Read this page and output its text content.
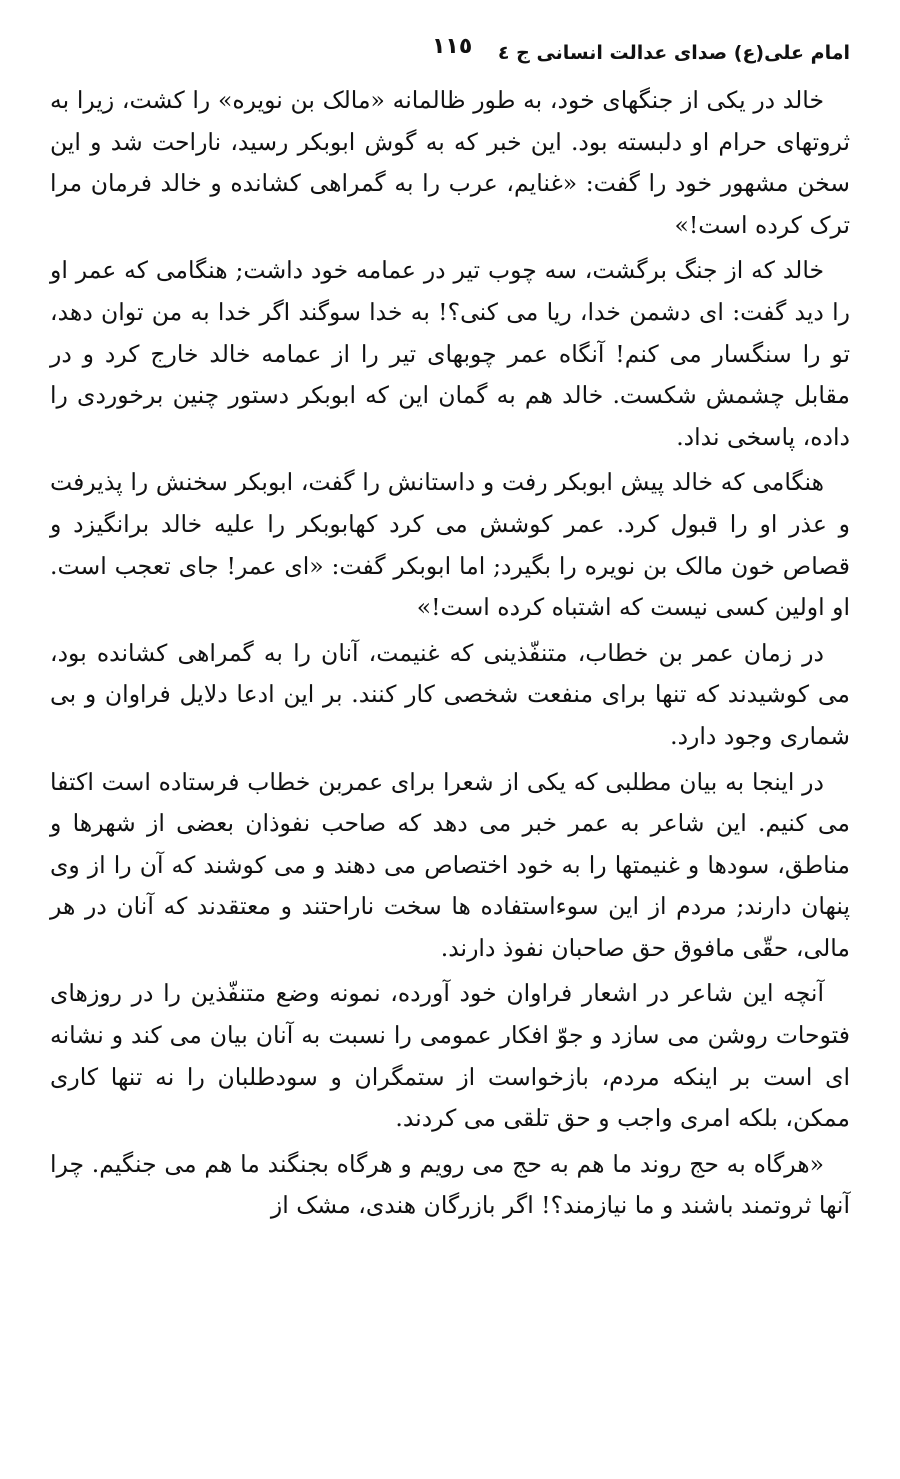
امام علی(ع) صدای عدالت انسانی ج ٤
١١٥

خالد در یکی از جنگهای خود، به طور ظالمانه «مالک بن نویره» را کشت، زیرا به ثروتهای حرام او دلبسته بود. این خبر که به گوش ابوبکر رسید، ناراحت شد و این سخن مشهور خود را گفت: «غنایم، عرب را به گمراهی کشانده و خالد فرمان مرا ترک کرده است!»

خالد که از جنگ برگشت، سه چوب تیر در عمامه خود داشت; هنگامی که عمر او را دید گفت: ای دشمن خدا، ریا می کنی؟! به خدا سوگند اگر خدا به من توان دهد، تو را سنگسار می کنم! آنگاه عمر چوبهای تیر را از عمامه خالد خارج کرد و در مقابل چشمش شکست. خالد هم به گمان این که ابوبکر دستور چنین برخوردی را داده، پاسخی نداد.

هنگامی که خالد پیش ابوبکر رفت و داستانش را گفت، ابوبکر سخنش را پذیرفت و عذر او را قبول کرد. عمر کوشش می کرد کهابوبکر را علیه خالد برانگیزد و قصاص خون مالک بن نویره را بگیرد; اما ابوبکر گفت: «ای عمر! جای تعجب است. او اولین کسی نیست که اشتباه کرده است!»

در زمان عمر بن خطاب، متنفّذینی که غنیمت، آنان را به گمراهی کشانده بود، می کوشیدند که تنها برای منفعت شخصی کار کنند. بر این ادعا دلایل فراوان و بی شماری وجود دارد.

در اینجا به بیان مطلبی که یکی از شعرا برای عمربن خطاب فرستاده است اکتفا می کنیم. این شاعر به عمر خبر می دهد که صاحب نفوذان بعضی از شهرها و مناطق، سودها و غنیمتها را به خود اختصاص می دهند و می کوشند که آن را از وی پنهان دارند; مردم از این سوءاستفاده ها سخت ناراحتند و معتقدند که آنان در هر مالی، حقّی مافوق حق صاحبان نفوذ دارند.

آنچه این شاعر در اشعار فراوان خود آورده، نمونه وضع متنفّذین را در روزهای فتوحات روشن می سازد و جوّ افکار عمومی را نسبت به آنان بیان می کند و نشانه ای است بر اینکه مردم، بازخواست از ستمگران و سودطلبان را نه تنها کاری ممکن، بلکه امری واجب و حق تلقی می کردند.

«هرگاه به حج روند ما هم به حج می رویم و هرگاه بجنگند ما هم می جنگیم. چرا آنها ثروتمند باشند و ما نیازمند؟! اگر بازرگان هندی، مشک از
